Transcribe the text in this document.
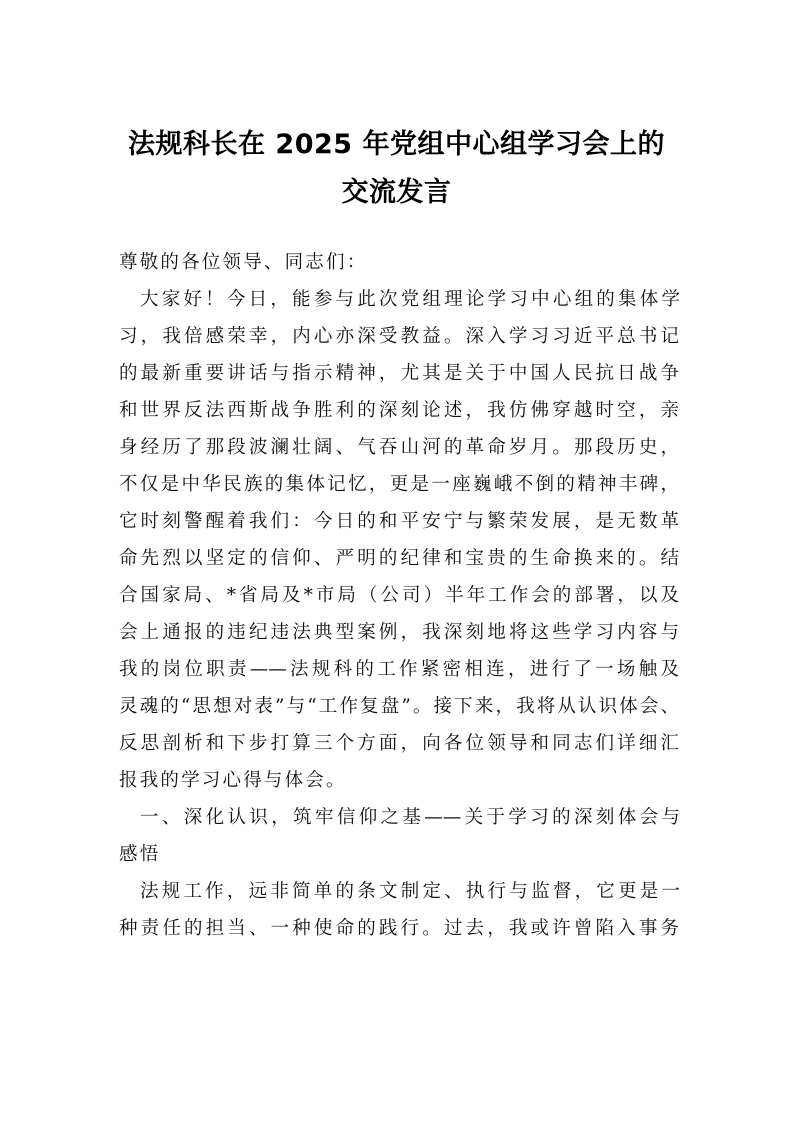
法规科长在 2025 年党组中心组学习会上的
交流发言
尊敬的各位领导、同志们：
大家好！今日，能参与此次党组理论学习中心组的集体学
习，我倍感荣幸，内心亦深受教益。深入学习习近平总书记
的最新重要讲话与指示精神，尤其是关于中国人民抗日战争
和世界反法西斯战争胜利的深刻论述，我仿佛穿越时空，亲
身经历了那段波澜壮阔、气吞山河的革命岁月。那段历史，
不仅是中华民族的集体记忆，更是一座巍峨不倒的精神丰碑，
它时刻警醒着我们：今日的和平安宁与繁荣发展，是无数革
命先烈以坚定的信仰、严明的纪律和宝贵的生命换来的。结
合国家局、*省局及*市局（公司）半年工作会的部署，以及
会上通报的违纪违法典型案例，我深刻地将这些学习内容与
我的岗位职责——法规科的工作紧密相连，进行了一场触及
灵魂的“思想对表”与“工作复盘”。接下来，我将从认识体会、
反思剖析和下步打算三个方面，向各位领导和同志们详细汇
报我的学习心得与体会。
一、深化认识，筑牢信仰之基——关于学习的深刻体会与
感悟
法规工作，远非简单的条文制定、执行与监督，它更是一
种责任的担当、一种使命的践行。过去，我或许曾陷入事务
